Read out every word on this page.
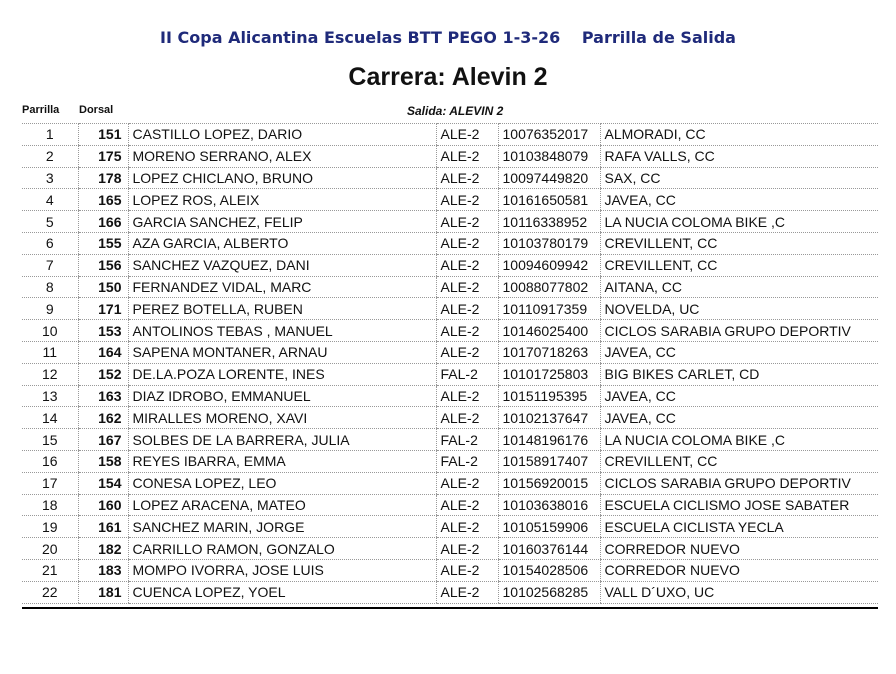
II Copa Alicantina Escuelas BTT PEGO 1-3-26 Parrilla de Salida
Carrera: Alevin 2
Parrilla Dorsal	Salida: ALEVIN 2
1	151	CASTILLO LOPEZ, DARIO	ALE-2	10076352017	ALMORADI, CC
2	175	MORENO SERRANO, ALEX	ALE-2	10103848079	RAFA VALLS, CC
3	178	LOPEZ CHICLANO, BRUNO	ALE-2	10097449820	SAX, CC
4	165	LOPEZ ROS, ALEIX	ALE-2	10161650581	JAVEA, CC
5	166	GARCIA SANCHEZ, FELIP	ALE-2	10116338952	LA NUCIA COLOMA BIKE ,C
6	155	AZA GARCIA, ALBERTO	ALE-2	10103780179	CREVILLENT, CC
7	156	SANCHEZ VAZQUEZ, DANI	ALE-2	10094609942	CREVILLENT, CC
8	150	FERNANDEZ VIDAL, MARC	ALE-2	10088077802	AITANA, CC
9	171	PEREZ BOTELLA, RUBEN	ALE-2	10110917359	NOVELDA, UC
10	153	ANTOLINOS TEBAS , MANUEL	ALE-2	10146025400	CICLOS SARABIA GRUPO DEPORTIV
11	164	SAPENA MONTANER, ARNAU	ALE-2	10170718263	JAVEA, CC
12	152	DE.LA.POZA LORENTE, INES	FAL-2	10101725803	BIG BIKES CARLET, CD
13	163	DIAZ IDROBO, EMMANUEL	ALE-2	10151195395	JAVEA, CC
14	162	MIRALLES MORENO, XAVI	ALE-2	10102137647	JAVEA, CC
15	167	SOLBES DE LA BARRERA, JULIA	FAL-2	10148196176	LA NUCIA COLOMA BIKE ,C
16	158	REYES IBARRA, EMMA	FAL-2	10158917407	CREVILLENT, CC
17	154	CONESA LOPEZ, LEO	ALE-2	10156920015	CICLOS SARABIA GRUPO DEPORTIV
18	160	LOPEZ ARACENA, MATEO	ALE-2	10103638016	ESCUELA CICLISMO JOSE SABATER
19	161	SANCHEZ MARIN, JORGE	ALE-2	10105159906	ESCUELA CICLISTA YECLA
20	182	CARRILLO RAMON, GONZALO	ALE-2	10160376144	CORREDOR NUEVO
21	183	MOMPO IVORRA, JOSE LUIS	ALE-2	10154028506	CORREDOR NUEVO
22	181	CUENCA LOPEZ, YOEL	ALE-2	10102568285	VALL D´UXO, UC
